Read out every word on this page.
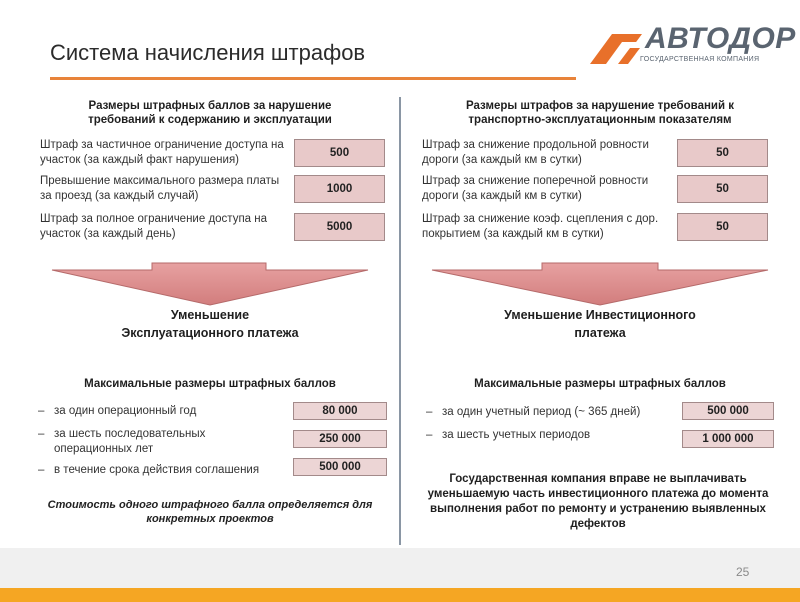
Система начисления штрафов	АВТОДОР
ГОСУДАРСТВЕННАЯ КОМПАНИЯ
Размеры штрафных баллов за нарушение требований к содержанию и эксплуатации
Размеры штрафов за нарушение требований к транспортно-эксплуатационным показателям
Штраф за частичное ограничение доступа на участок (за каждый факт нарушения)
500
Превышение максимального размера платы за проезд (за каждый случай)
1000
Штраф за полное ограничение доступа на участок (за каждый день)
5000
Штраф за снижение продольной ровности дороги (за каждый км в сутки)
50
Штраф за снижение поперечной ровности дороги (за каждый км в сутки)
50
Штраф за снижение коэф. сцепления с дор. покрытием (за каждый км в сутки)
50
Уменьшение Эксплуатационного платежа
Уменьшение Инвестиционного платежа
Максимальные размеры штрафных баллов	Максимальные размеры штрафных баллов
– за один операционный год	80 000
– за шесть последовательных операционных лет
250 000
– в течение срока действия соглашения	500 000
– за один учетный период (~ 365 дней)	500 000
– за шесть учетных периодов	1 000 000
Стоимость одного штрафного балла определяется для конкретных проектов
Государственная компания вправе не выплачивать уменьшаемую часть инвестиционного платежа до момента выполнения работ по ремонту и устранению выявленных дефектов
25
